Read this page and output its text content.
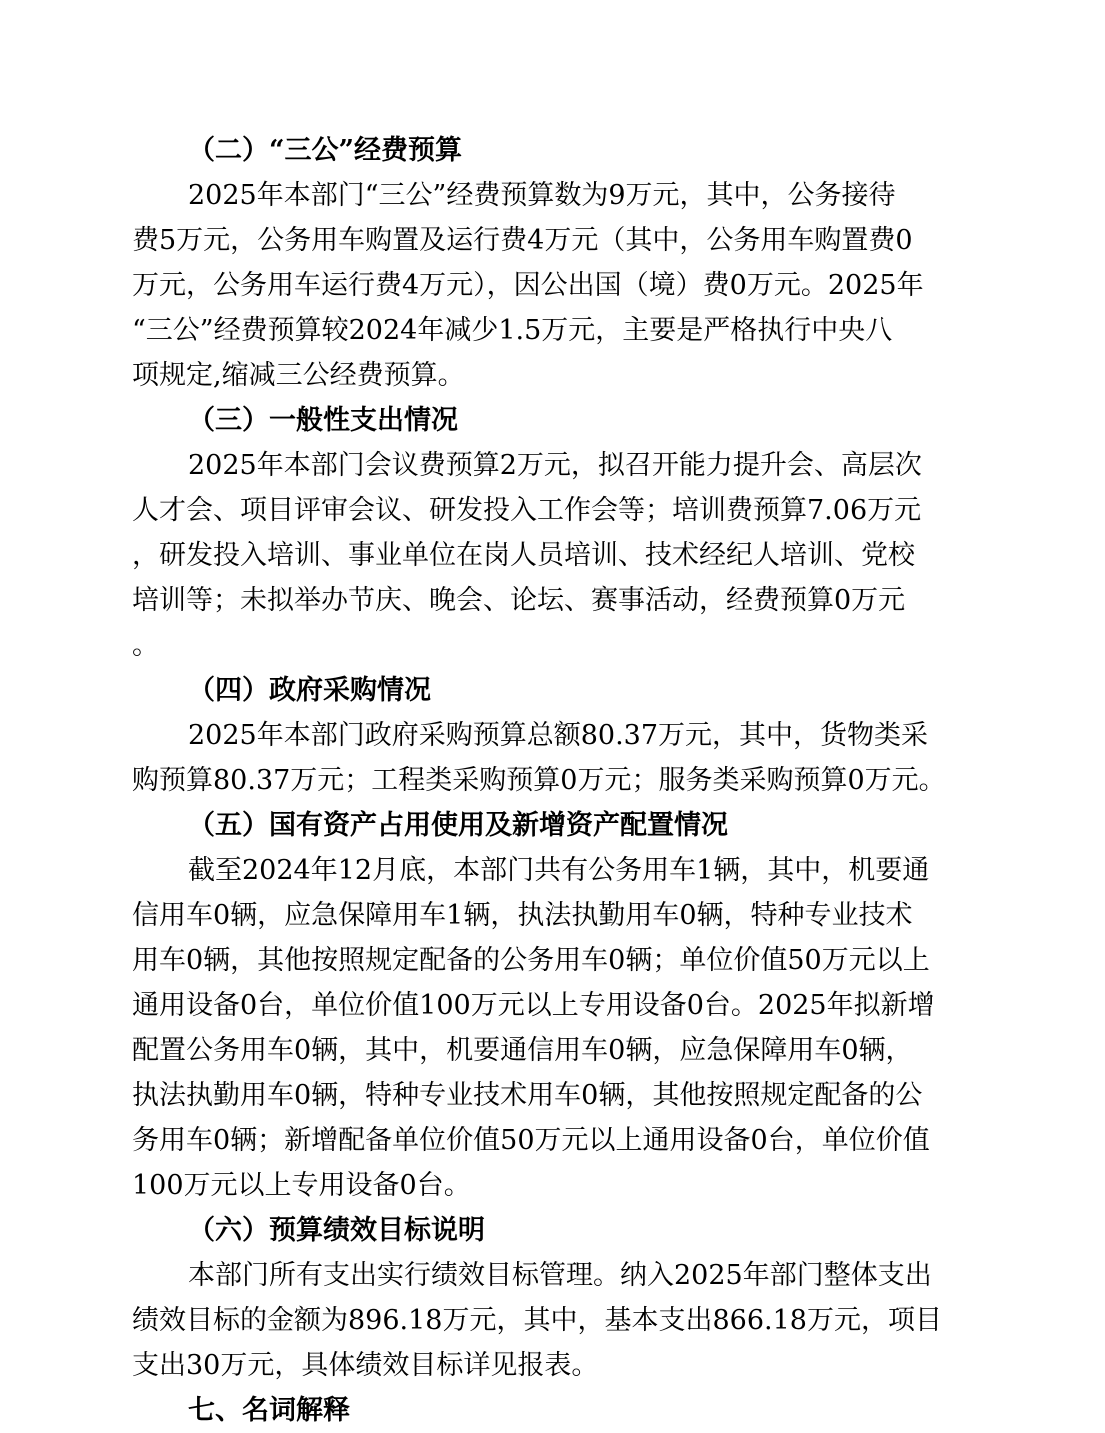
（二）“三公”经费预算
2025年本部门“三公”经费预算数为9万元，其中，公务接待
费5万元，公务用车购置及运行费4万元（其中，公务用车购置费0
万元，公务用车运行费4万元），因公出国（境）费0万元。2025年
“三公”经费预算较2024年减少1.5万元，主要是严格执行中央八
项规定,缩减三公经费预算。
（三）一般性支出情况
2025年本部门会议费预算2万元，拟召开能力提升会、高层次
人才会、项目评审会议、研发投入工作会等；培训费预算7.06万元
，研发投入培训、事业单位在岗人员培训、技术经纪人培训、党校
培训等；未拟举办节庆、晚会、论坛、赛事活动，经费预算0万元
。
（四）政府采购情况
2025年本部门政府采购预算总额80.37万元，其中，货物类采
购预算80.37万元；工程类采购预算0万元；服务类采购预算0万元。
（五）国有资产占用使用及新增资产配置情况
截至2024年12月底，本部门共有公务用车1辆，其中，机要通
信用车0辆，应急保障用车1辆，执法执勤用车0辆，特种专业技术
用车0辆，其他按照规定配备的公务用车0辆；单位价值50万元以上
通用设备0台，单位价值100万元以上专用设备0台。2025年拟新增
配置公务用车0辆，其中，机要通信用车0辆，应急保障用车0辆，
执法执勤用车0辆，特种专业技术用车0辆，其他按照规定配备的公
务用车0辆；新增配备单位价值50万元以上通用设备0台，单位价值
100万元以上专用设备0台。
（六）预算绩效目标说明
本部门所有支出实行绩效目标管理。纳入2025年部门整体支出
绩效目标的金额为896.18万元，其中，基本支出866.18万元，项目
支出30万元，具体绩效目标详见报表。
七、名词解释
